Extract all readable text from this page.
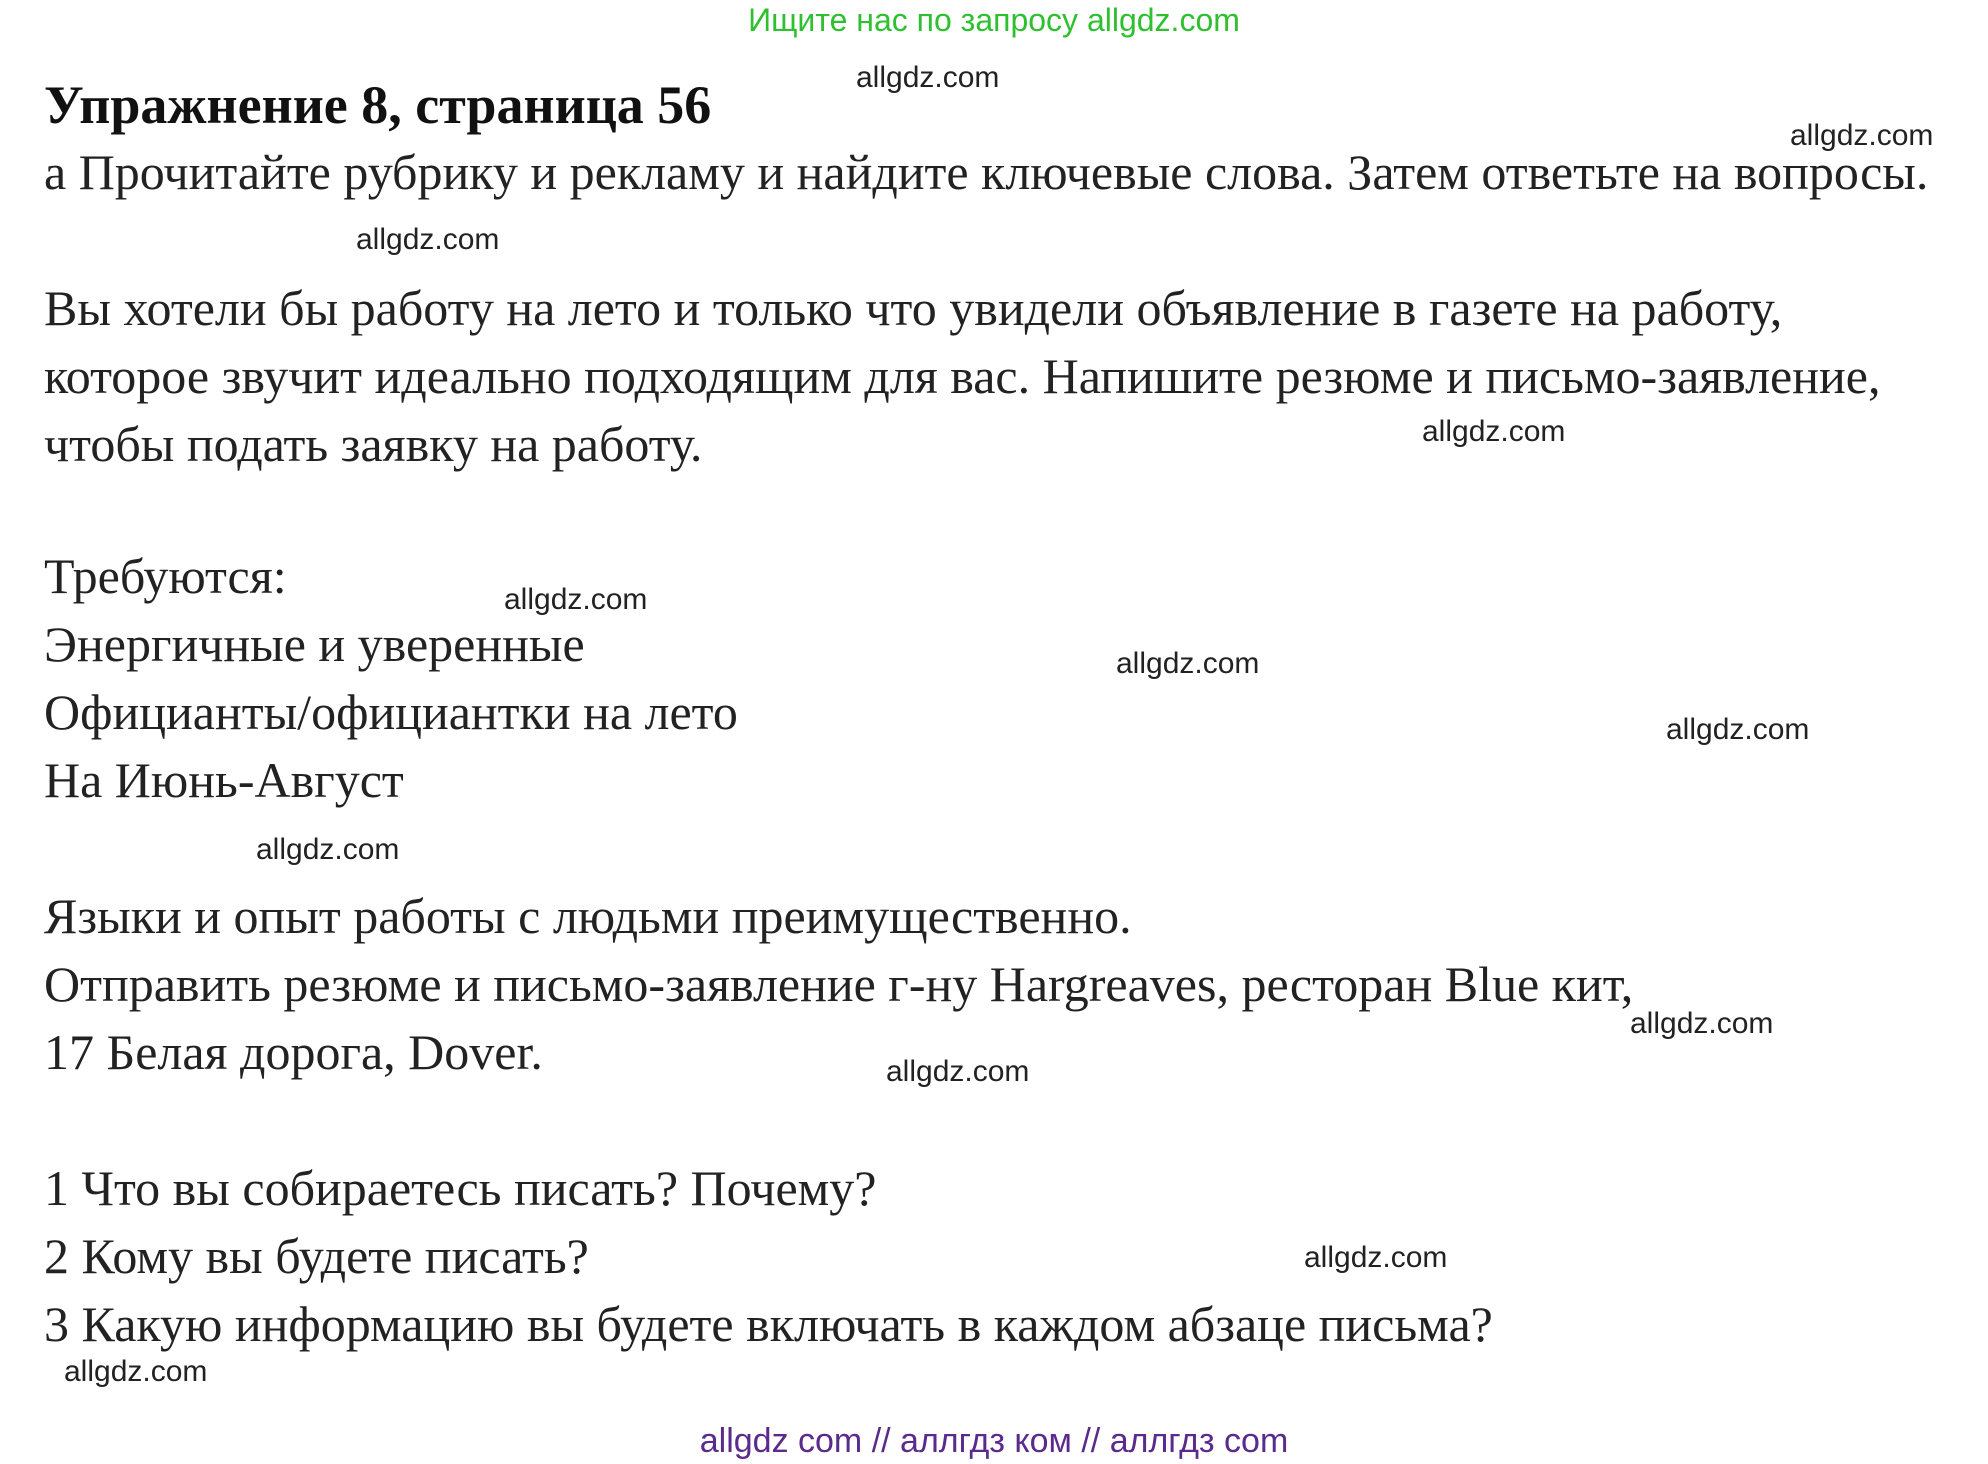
Ищите нас по запросу allgdz.com
Упражнение 8, страница 56

а Прочитайте рубрику и рекламу и найдите ключевые слова. Затем ответьте на вопросы.

Вы хотели бы работу на лето и только что увидели объявление в газете на работу, которое звучит идеально подходящим для вас. Напишите резюме и письмо-заявление, чтобы подать заявку на работу.

Требуются:

Энергичные и уверенные

Официанты/официантки на лето

На Июнь-Август

Языки и опыт работы с людьми преимущественно.

Отправить резюме и письмо-заявление г-ну Hargreaves, ресторан Blue кит,

17 Белая дорога, Dover.

1 Что вы собираетесь писать? Почему?

2 Кому вы будете писать?

3 Какую информацию вы будете включать в каждом абзаце письма?

allgdz.com
allgdz.com
allgdz.com
allgdz.com
allgdz.com
allgdz.com
allgdz.com
allgdz.com
allgdz.com
allgdz.com
allgdz.com
allgdz.com
allgdz com // аллгдз ком // аллгдз com
